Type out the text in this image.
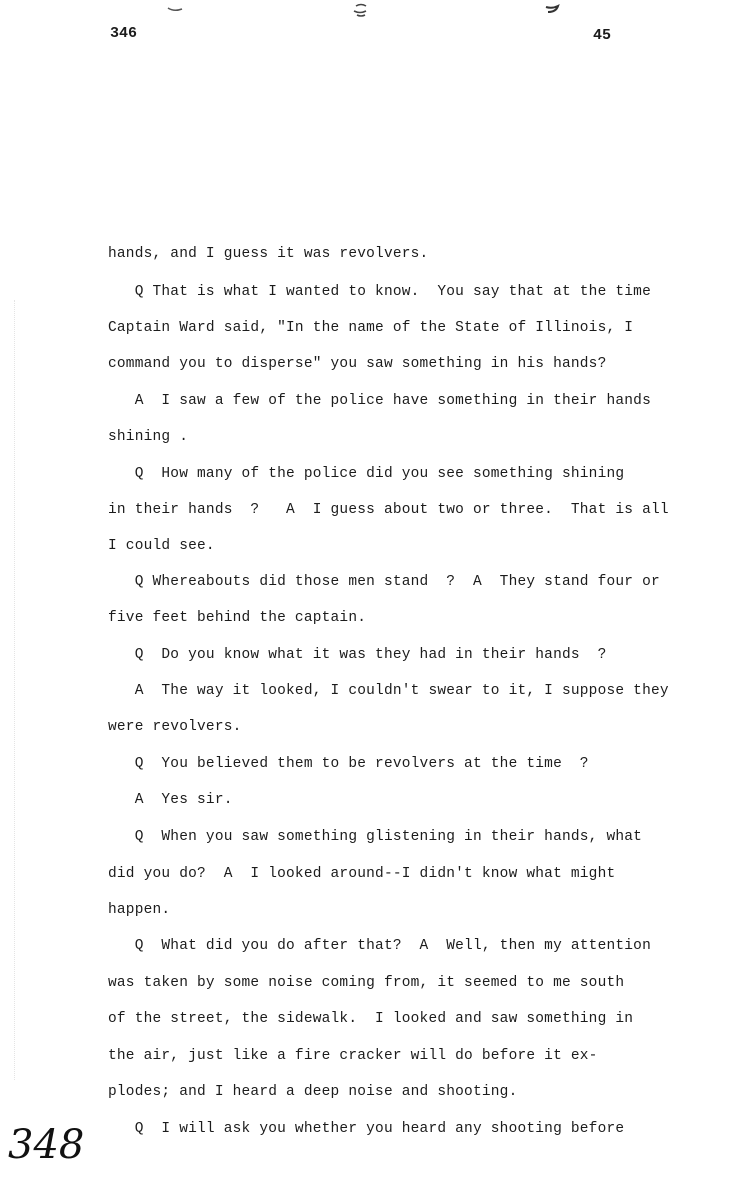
346	45
hands, and I guess it was revolvers.
Q That is what I wanted to know.  You say that at the time
Captain Ward said, "In the name of the State of Illinois, I
command you to disperse" you saw something in his hands?
A  I saw a few of the police have something in their hands
shining .
Q  How many of the police did you see something shining
in their hands  ?   A  I guess about two or three.  That is all
I could see.
Q Whereabouts did those men stand  ?  A  They stand four or
five feet behind the captain.
Q  Do you know what it was they had in their hands  ?
A  The way it looked, I couldn't swear to it, I suppose they
were revolvers.
Q  You believed them to be revolvers at the time  ?
A  Yes sir.
Q  When you saw something glistening in their hands, what
did you do?  A  I looked around--I didn't know what might
happen.
Q  What did you do after that?  A  Well, then my attention
was taken by some noise coming from, it seemed to me south
of the street, the sidewalk.  I looked and saw something in
the air, just like a fire cracker will do before it ex-
plodes; and I heard a deep noise and shooting.
Q  I will ask you whether you heard any shooting before
348
